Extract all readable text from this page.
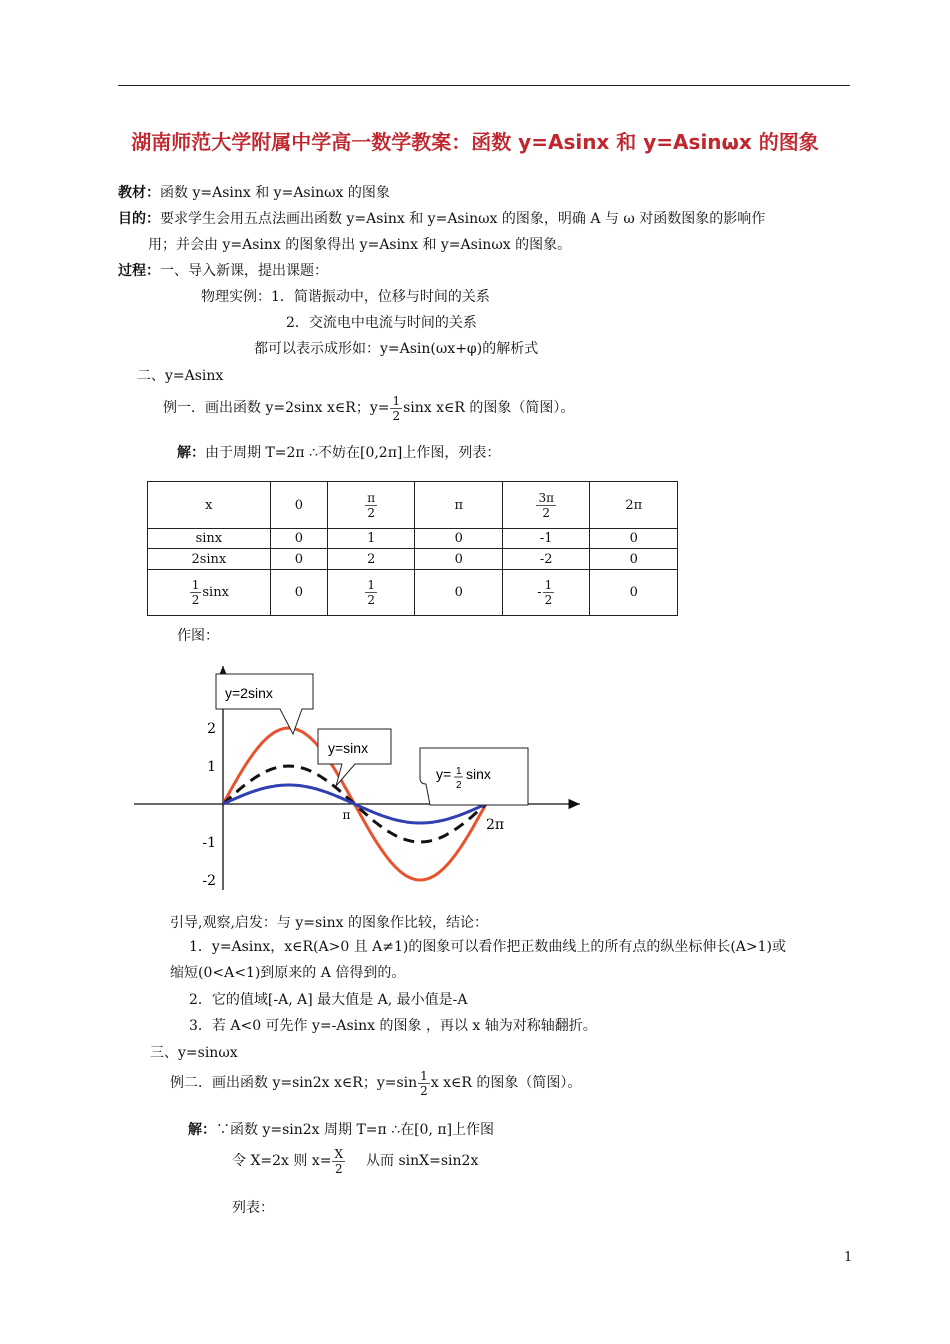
湖南师范大学附属中学高一数学教案：函数 y=Asinx 和 y=Asinωx 的图象
教材：函数 y=Asinx 和 y=Asinωx 的图象
目的：要求学生会用五点法画出函数 y=Asinx 和 y=Asinωx 的图象，明确 A 与 ω 对函数图象的影响作
用；并会由 y=Asinx 的图象得出 y=Asinx 和 y=Asinωx 的图象。
过程：一、导入新课，提出课题：
物理实例：1．简谐振动中，位移与时间的关系
2．交流电中电流与时间的关系
都可以表示成形如：y=Asin(ωx+φ)的解析式
二、y=Asinx
例一．画出函数 y=2sinx x∈R；$y= \frac{1}{2}$ sinx x∈R 的图象（简图）。
解：由于周期 T=2π ∴不妨在[0,2π]上作图，列表：
x	0	$\frac{\pi}{2}$	π	$\frac{3\pi}{2}$	2π
sinx	0	1	0	-1	0
2sinx	0	2	0	-2	0

$\frac{1}{2}$ sinx	0	$\frac{1}{2}$	0	- $\frac{1}{2}$	0
作图：
2
1
-1
-2
π
2π
y=2sinx
y=sinx
y= 1
2
sinx
引导,观察,启发：与 y=sinx 的图象作比较，结论：
1．y=Asinx，x∈R(A>0 且 A≠1)的图象可以看作把正数曲线上的所有点的纵坐标伸长(A>1)或
缩短(0<A<1)到原来的 A 倍得到的。
2．它的值域[-A, A] 最大值是 A, 最小值是-A
3．若 A<0 可先作 y=-Asinx 的图象 ，再以 x 轴为对称轴翻折。
三、y=sinωx
例二．画出函数 y=sin2x x∈R；$y=\sin \frac{1}{2}$ x x∈R 的图象（简图）。
解：∵函数 y=sin2x 周期 T=π ∴在[0, π]上作图
令 X=2x 则 $x= \frac{X}{2}$ 从而 sinX=sin2x
列表：
1
